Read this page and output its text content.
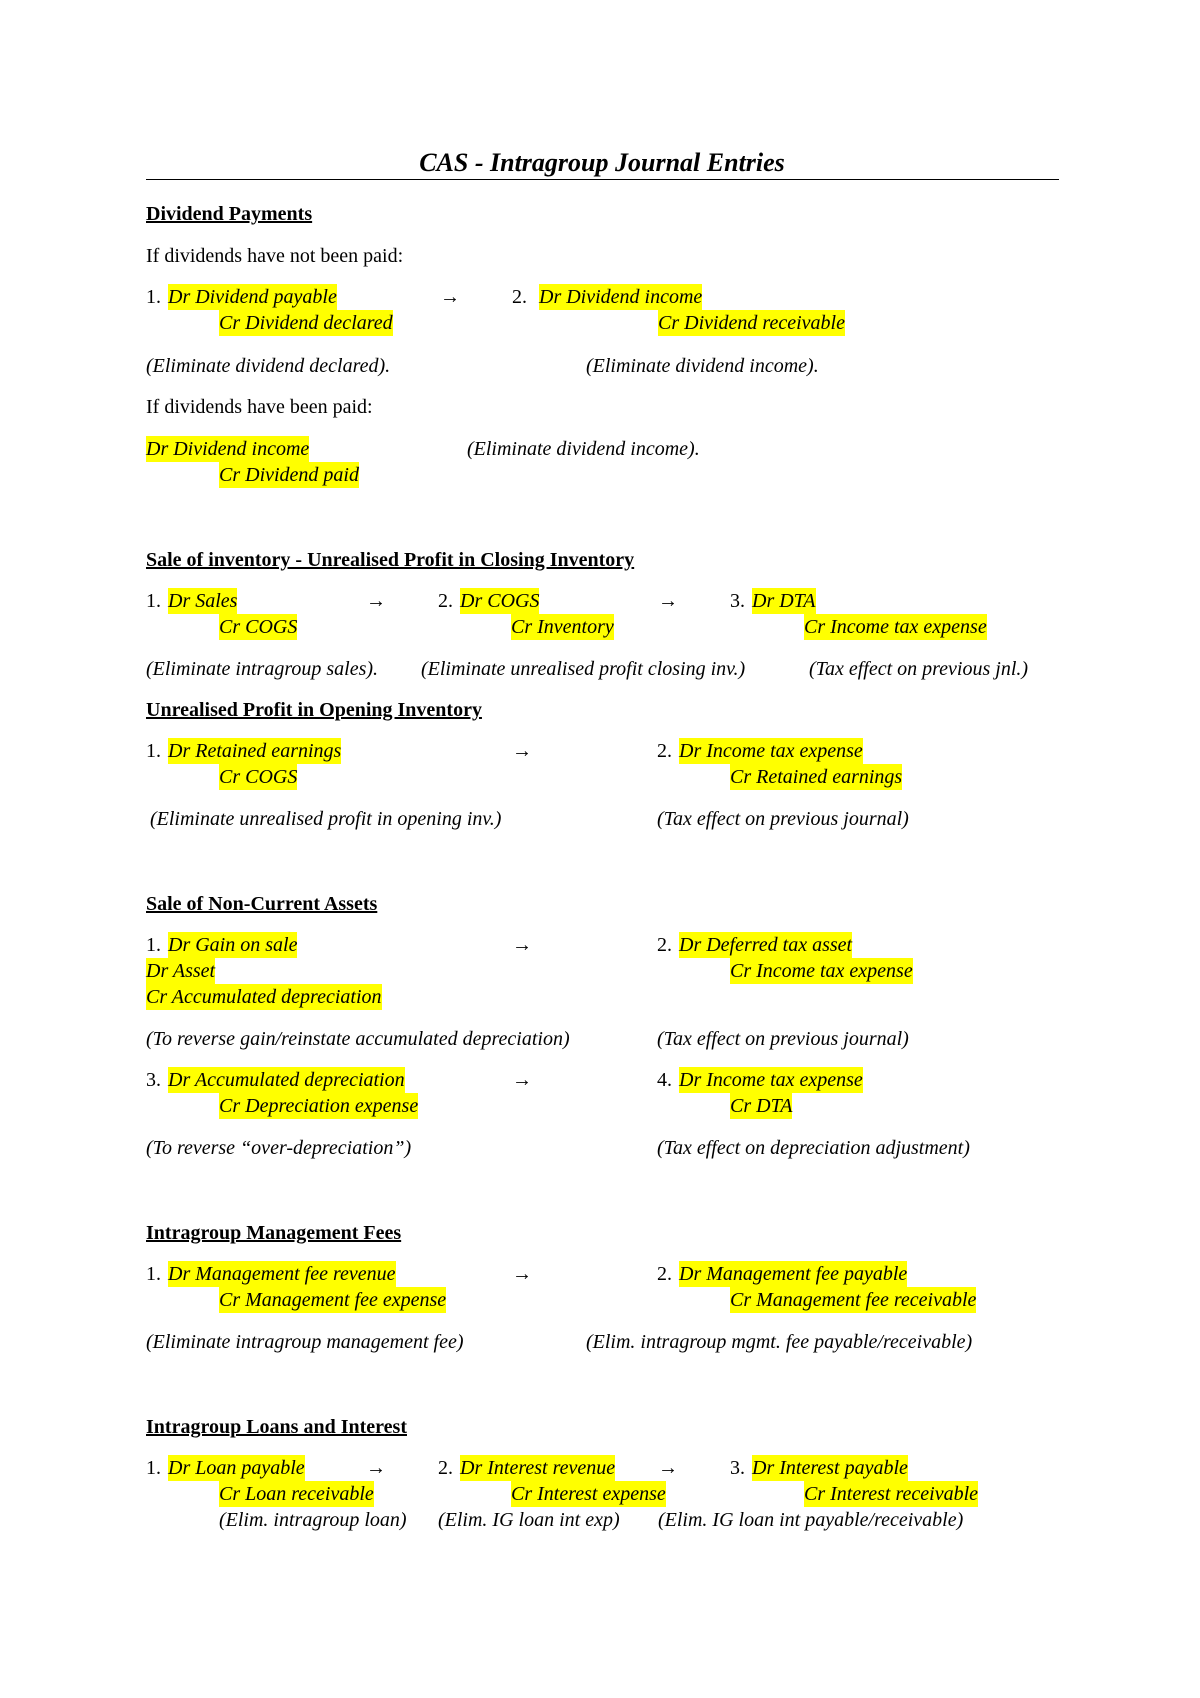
CAS - Intragroup Journal Entries
Dividend Payments
If dividends have not been paid:
1. Dr Dividend payable	→	2. Dr Dividend income
Cr Dividend declared	Cr Dividend receivable
(Eliminate dividend declared).	(Eliminate dividend income).
If dividends have been paid:
Dr Dividend income	(Eliminate dividend income).
Cr Dividend paid
Sale of inventory - Unrealised Profit in Closing Inventory
1. Dr Sales	→	2. Dr COGS	→	3. Dr DTA
Cr COGS	Cr Inventory	Cr Income tax expense
(Eliminate intragroup sales). (Eliminate unrealised profit closing inv.)	(Tax effect on previous jnl.)
Unrealised Profit in Opening Inventory
1. Dr Retained earnings	→	2. Dr Income tax expense
Cr COGS	Cr Retained earnings
(Eliminate unrealised profit in opening inv.)	(Tax effect on previous journal)
Sale of Non-Current Assets
1. Dr Gain on sale	→	2. Dr Deferred tax asset
Dr Asset	Cr Income tax expense
Cr Accumulated depreciation
(To reverse gain/reinstate accumulated depreciation)	(Tax effect on previous journal)
3. Dr Accumulated depreciation	→	4. Dr Income tax expense
Cr Depreciation expense	Cr DTA
(To reverse “over-depreciation”)	(Tax effect on depreciation adjustment)
Intragroup Management Fees
1. Dr Management fee revenue	→	2. Dr Management fee payable
Cr Management fee expense	Cr Management fee receivable
(Eliminate intragroup management fee)	(Elim. intragroup mgmt. fee payable/receivable)
Intragroup Loans and Interest
1. Dr Loan payable	→	2. Dr Interest revenue →	3. Dr Interest payable
Cr Loan receivable	Cr Interest expense	Cr Interest receivable
(Elim. intragroup loan) (Elim. IG loan int exp) (Elim. IG loan int payable/receivable)
